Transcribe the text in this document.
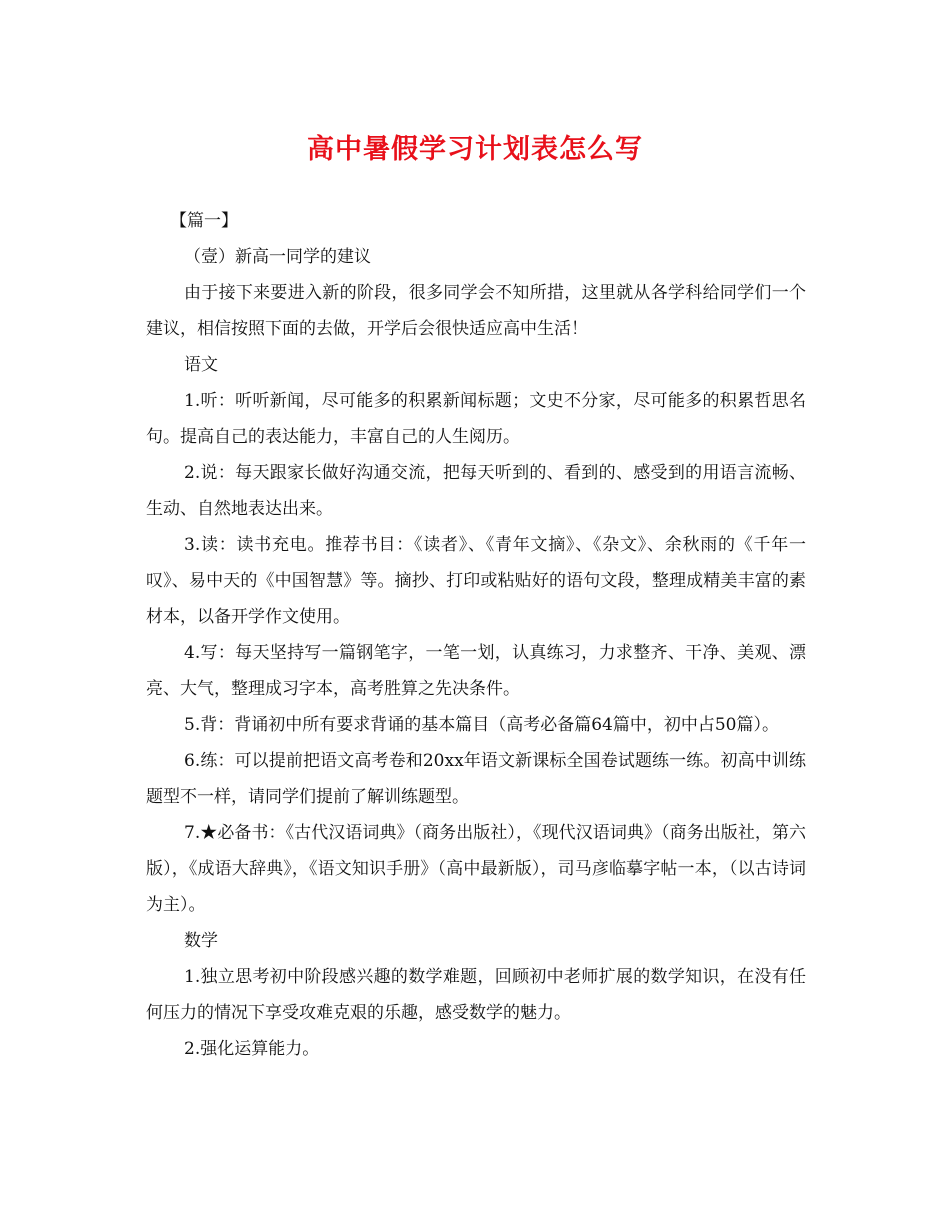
高中暑假学习计划表怎么写

【篇一】

（壹）新高一同学的建议

由于接下来要进入新的阶段，很多同学会不知所措，这里就从各学科给同学们一个建议，相信按照下面的去做，开学后会很快适应高中生活！

语文

1.听：听听新闻，尽可能多的积累新闻标题；文史不分家，尽可能多的积累哲思名句。提高自己的表达能力，丰富自己的人生阅历。

2.说：每天跟家长做好沟通交流，把每天听到的、看到的、感受到的用语言流畅、生动、自然地表达出来。

3.读：读书充电。推荐书目：《读者》、《青年文摘》、《杂文》、余秋雨的《千年一叹》、易中天的《中国智慧》等。摘抄、打印或粘贴好的语句文段，整理成精美丰富的素材本，以备开学作文使用。

4.写：每天坚持写一篇钢笔字，一笔一划，认真练习，力求整齐、干净、美观、漂亮、大气，整理成习字本，高考胜算之先决条件。

5.背：背诵初中所有要求背诵的基本篇目（高考必备篇64篇中，初中占50篇）。

6.练：可以提前把语文高考卷和20xx年语文新课标全国卷试题练一练。初高中训练题型不一样，请同学们提前了解训练题型。

7.★必备书：《古代汉语词典》（商务出版社），《现代汉语词典》（商务出版社，第六版），《成语大辞典》，《语文知识手册》（高中最新版），司马彦临摹字帖一本，（以古诗词为主）。

数学

1.独立思考初中阶段感兴趣的数学难题，回顾初中老师扩展的数学知识，在没有任何压力的情况下享受攻难克艰的乐趣，感受数学的魅力。

2.强化运算能力。
